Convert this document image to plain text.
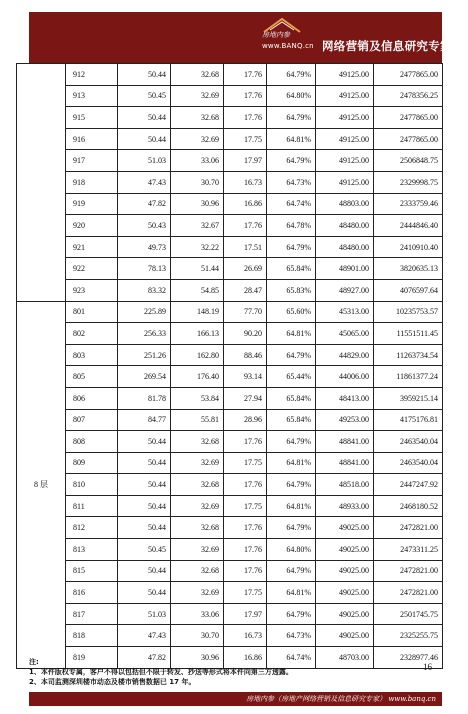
房地内参
www.BANQ.cn 网络营销及信息研究专家
	912	50.44	32.68	17.76	64.79%	49125.00	2477865.00
	913	50.45	32.69	17.76	64.80%	49125.00	2478356.25
	915	50.44	32.68	17.76	64.79%	49125.00	2477865.00
	916	50.44	32.69	17.75	64.81%	49125.00	2477865.00
	917	51.03	33.06	17.97	64.79%	49125.00	2506848.75
	918	47.43	30.70	16.73	64.73%	49125.00	2329998.75
	919	47.82	30.96	16.86	64.74%	48803.00	2333759.46
	920	50.43	32.67	17.76	64.78%	48480.00	2444846.40
	921	49.73	32.22	17.51	64.79%	48480.00	2410910.40
	922	78.13	51.44	26.69	65.84%	48901.00	3820635.13
	923	83.32	54.85	28.47	65.83%	48927.00	4076597.64
8 层	801	225.89	148.19	77.70	65.60%	45313.00	10235753.57
	802	256.33	166.13	90.20	64.81%	45065.00	11551511.45
	803	251.26	162.80	88.46	64.79%	44829.00	11263734.54
	805	269.54	176.40	93.14	65.44%	44006.00	11861377.24
	806	81.78	53.84	27.94	65.84%	48413.00	3959215.14
	807	84.77	55.81	28.96	65.84%	49253.00	4175176.81
	808	50.44	32.68	17.76	64.79%	48841.00	2463540.04
	809	50.44	32.69	17.75	64.81%	48841.00	2463540.04
	810	50.44	32.68	17.76	64.79%	48518.00	2447247.92
	811	50.44	32.69	17.75	64.81%	48933.00	2468180.52
	812	50.44	32.68	17.76	64.79%	49025.00	2472821.00
	813	50.45	32.69	17.76	64.80%	49025.00	2473311.25
	815	50.44	32.68	17.76	64.79%	49025.00	2472821.00
	816	50.44	32.69	17.75	64.81%	49025.00	2472821.00
	817	51.03	33.06	17.97	64.79%	49025.00	2501745.75
	818	47.43	30.70	16.73	64.73%	49025.00	2325255.75
	819	47.82	30.96	16.86	64.74%	48703.00	2328977.46
注:
1、本件版权专属，客户不得以包括但不限于转发、抄送等形式将本件向第三方透露。
2、本司监测深圳楼市动态及楼市销售数据已 17 年。
16
房地内参（房地产网络营销及信息研究专家） www.banq.cn
